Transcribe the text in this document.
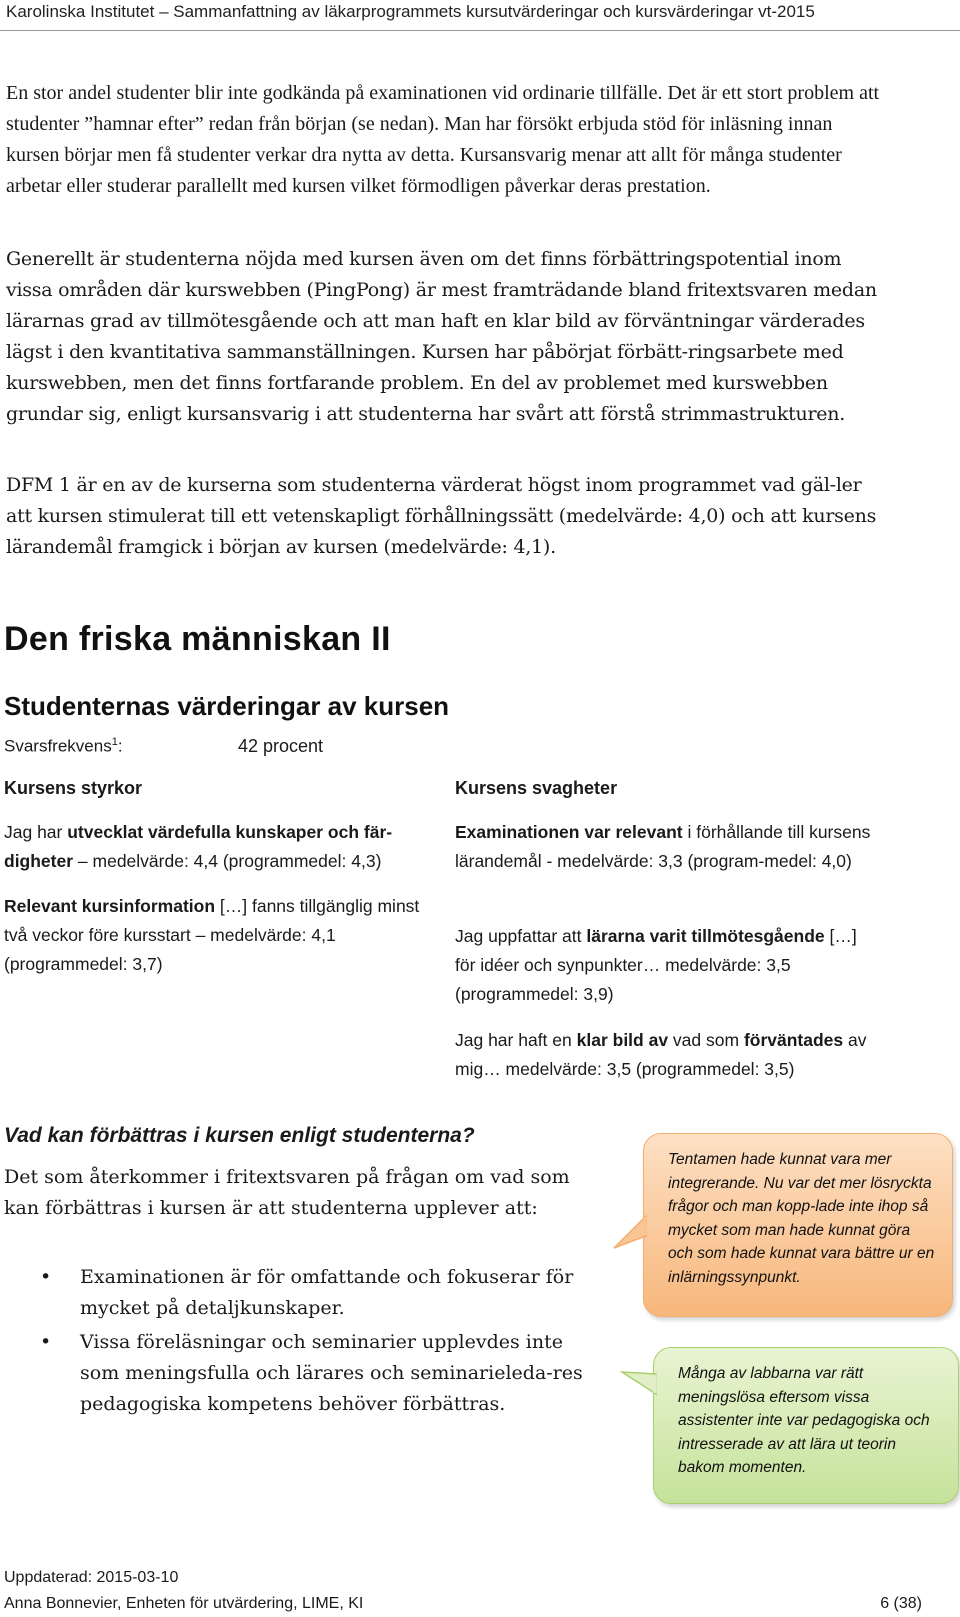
Karolinska Institutet – Sammanfattning av läkarprogrammets kursutvärderingar och kursvärderingar vt-2015

En stor andel studenter blir inte godkända på examinationen vid ordinarie tillfälle. Det är ett stort problem att studenter ”hamnar efter” redan från början (se nedan). Man har försökt erbjuda stöd för inläsning innan kursen börjar men få studenter verkar dra nytta av detta. Kursansvarig menar att allt för många studenter arbetar eller studerar parallellt med kursen vilket förmodligen påverkar deras prestation.

Generellt är studenterna nöjda med kursen även om det finns förbättringspotential inom vissa områden där kurswebben (PingPong) är mest framträdande bland fritextsvaren medan lärarnas grad av tillmötesgående och att man haft en klar bild av förväntningar värderades lägst i den kvantitativa sammanställningen. Kursen har påbörjat förbätt-ringsarbete med kurswebben, men det finns fortfarande problem. En del av problemet med kurswebben grundar sig, enligt kursansvarig i att studenterna har svårt att förstå strimmastrukturen.

DFM 1 är en av de kurserna som studenterna värderat högst inom programmet vad gäl-ler att kursen stimulerat till ett vetenskapligt förhållningssätt (medelvärde: 4,0) och att kursens lärandemål framgick i början av kursen (medelvärde: 4,1).

Den friska människan II
Studenternas värderingar av kursen
Svarsfrekvens$^1$:	42 procent
Kursens styrkor	Kursens svagheter

Jag har utvecklat värdefulla kunskaper och fär-digheter – medelvärde: 4,4 (programmedel: 4,3)

Relevant kursinformation […] fanns tillgänglig minst två veckor före kursstart – medelvärde: 4,1 (programmedel: 3,7)

Examinationen var relevant i förhållande till kursens lärandemål - medelvärde: 3,3 (program-medel: 4,0)

Jag uppfattar att lärarna varit tillmötesgående […] för idéer och synpunkter… medelvärde: 3,5 (programmedel: 3,9)

Jag har haft en klar bild av vad som förväntades av mig… medelvärde: 3,5 (programmedel: 3,5)

Vad kan förbättras i kursen enligt studenterna?

Det som återkommer i fritextsvaren på frågan om vad som kan förbättras i kursen är att studenterna upplever att:

• Examinationen är för omfattande och fokuserar för mycket på detaljkunskaper.
• Vissa föreläsningar och seminarier upplevdes inte som meningsfulla och lärares och seminarieleda-res pedagogiska kompetens behöver förbättras.
Tentamen hade kunnat vara mer integrerande. Nu var det mer lösryckta frågor och man kopp-lade inte ihop så mycket som man hade kunnat göra och som hade kunnat vara bättre ur en inlärningssynpunkt.
Många av labbarna var rätt meningslösa eftersom vissa assistenter inte var pedagogiska och intresserade av att lära ut teorin bakom momenten.
Uppdaterad: 2015-03-10
Anna Bonnevier, Enheten för utvärdering, LIME, KI	6 (38)
